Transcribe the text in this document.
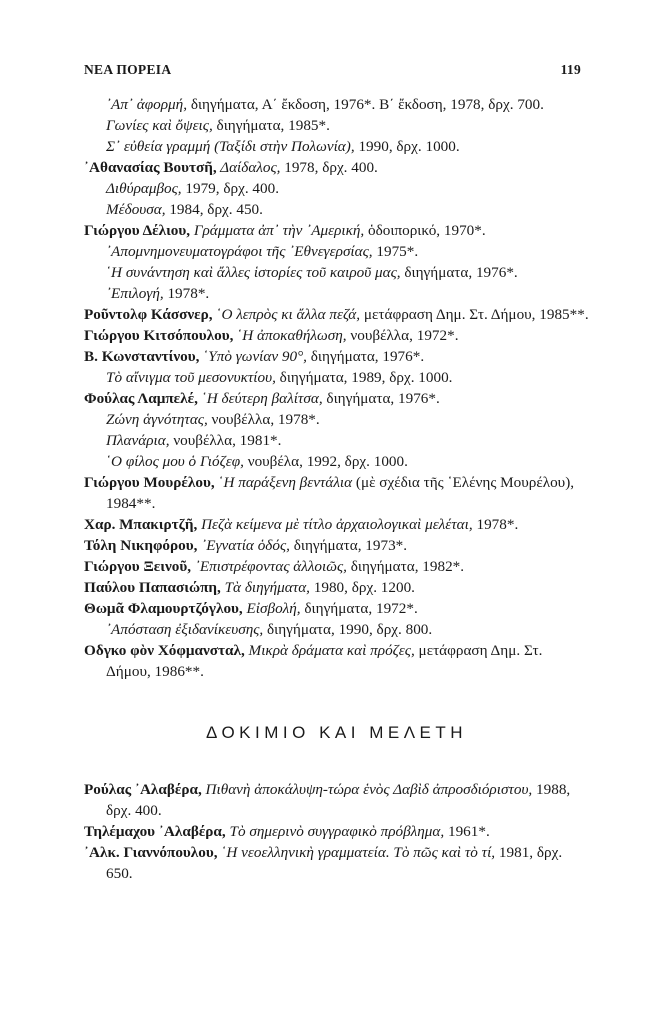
ΝΕΑ ΠΟΡΕΙΑ	119

᾿Απ᾿ ἀφορμή, διηγήματα, Α΄ ἔκδοση, 1976*. Β΄ ἔκδοση, 1978, δρχ. 700.

Γωνίες καὶ ὄψεις, διηγήματα, 1985*.

Σ᾿ εὐθεία γραμμή (Ταξίδι στὴν Πολωνία), 1990, δρχ. 1000.

᾿Αθανασίας Βουτσῆ, Δαίδαλος, 1978, δρχ. 400.

Διθύραμβος, 1979, δρχ. 400.

Μέδουσα, 1984, δρχ. 450.

Γιώργου Δέλιου, Γράμματα ἀπ᾿ τὴν ᾿Αμερική, ὁδοιπορικό, 1970*.

᾿Απομνημονευματογράφοι τῆς ᾿Εθνεγερσίας, 1975*.

῾Η συνάντηση καὶ ἄλλες ἱστορίες τοῦ καιροῦ μας, διηγήματα, 1976*.

᾿Επιλογή, 1978*.

Ροῦντολφ Κάσσνερ, ῾Ο λεπρὸς κι ἄλλα πεζά, μετάφραση Δημ. Στ. Δήμου, 1985**.

Γιώργου Κιτσόπουλου, ῾Η ἀποκαθήλωση, νουβέλλα, 1972*.

Β. Κωνσταντίνου, ῾Υπὸ γωνίαν 90°, διηγήματα, 1976*.

Τὸ αἴνιγμα τοῦ μεσονυκτίου, διηγήματα, 1989, δρχ. 1000.

Φούλας Λαμπελέ, ῾Η δεύτερη βαλίτσα, διηγήματα, 1976*.

Ζώνη ἁγνότητας, νουβέλλα, 1978*.

Πλανάρια, νουβέλλα, 1981*.

῾Ο φίλος μου ὁ Γιόζεφ, νουβέλα, 1992, δρχ. 1000.

Γιώργου Μουρέλου, ῾Η παράξενη βεντάλια (μὲ σχέδια τῆς ῾Ελένης Μουρέλου), 1984**.

Χαρ. Μπακιρτζῆ, Πεζὰ κείμενα μὲ τίτλο ἀρχαιολογικαὶ μελέται, 1978*.

Τόλη Νικηφόρου, ᾿Εγνατία ὁδός, διηγήματα, 1973*.

Γιώργου Ξεινοῦ, ᾿Επιστρέφοντας ἀλλοιῶς, διηγήματα, 1982*.

Παύλου Παπασιώπη, Τὰ διηγήματα, 1980, δρχ. 1200.

Θωμᾶ Φλαμουρτζόγλου, Εἰσβολή, διηγήματα, 1972*.

᾿Απόσταση ἐξιδανίκευσης, διηγήματα, 1990, δρχ. 800.

Οδγκο φὸν Χόφμανσταλ, Μικρὰ δράματα καὶ πρόζες, μετάφραση Δημ. Στ. Δήμου, 1986**.

ΔΟΚΙΜΙΟ ΚΑΙ ΜΕΛΕΤΗ

Ρούλας ᾿Αλαβέρα, Πιθανὴ ἀποκάλυψη-τώρα ἑνὸς Δαβὶδ ἀπροσδιόριστου, 1988, δρχ. 400.

Τηλέμαχου ᾿Αλαβέρα, Τὸ σημερινὸ συγγραφικὸ πρόβλημα, 1961*.

᾿Αλκ. Γιαννόπουλου, ῾Η νεοελληνικὴ γραμματεία. Τὸ πῶς καὶ τὸ τί, 1981, δρχ. 650.
